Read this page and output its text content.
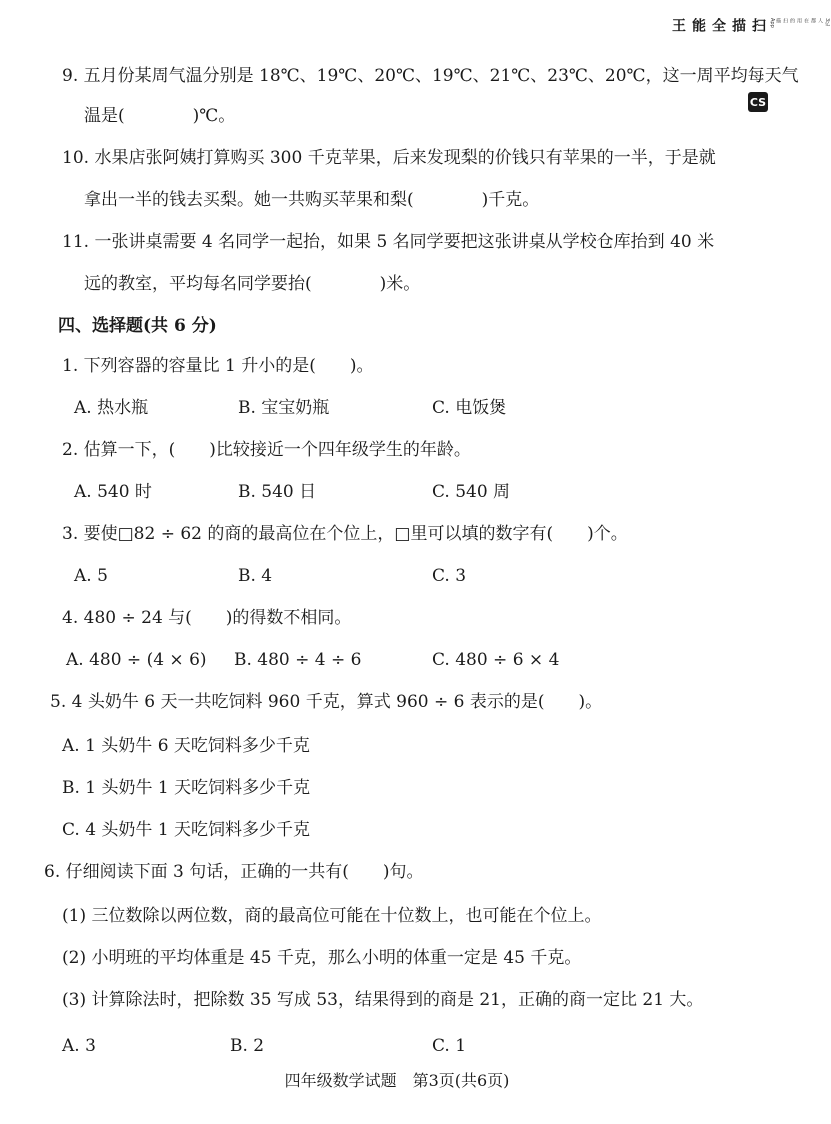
扫描全能王	3亿人都在用的扫描App
CS
9. 五月份某周气温分别是 18℃、19℃、20℃、19℃、21℃、23℃、20℃，这一周平均每天气
温是(　　　　)℃。
10. 水果店张阿姨打算购买 300 千克苹果，后来发现梨的价钱只有苹果的一半，于是就
拿出一半的钱去买梨。她一共购买苹果和梨(　　　　)千克。
11. 一张讲桌需要 4 名同学一起抬，如果 5 名同学要把这张讲桌从学校仓库抬到 40 米
远的教室，平均每名同学要抬(　　　　)米。
四、选择题(共 6 分)
1. 下列容器的容量比 1 升小的是(　　)。
A. 热水瓶	B. 宝宝奶瓶	C. 电饭煲
2. 估算一下，(　　)比较接近一个四年级学生的年龄。
A. 540 时	B. 540 日	C. 540 周
3. 要使□82 ÷ 62 的商的最高位在个位上，□里可以填的数字有(　　)个。
A. 5	B. 4	C. 3
4. 480 ÷ 24 与(　　)的得数不相同。
A. 480 ÷ (4 × 6) B. 480 ÷ 4 ÷ 6	C. 480 ÷ 6 × 4
5. 4 头奶牛 6 天一共吃饲料 960 千克，算式 960 ÷ 6 表示的是(　　)。
A. 1 头奶牛 6 天吃饲料多少千克
B. 1 头奶牛 1 天吃饲料多少千克
C. 4 头奶牛 1 天吃饲料多少千克
6. 仔细阅读下面 3 句话，正确的一共有(　　)句。
(1) 三位数除以两位数，商的最高位可能在十位数上，也可能在个位上。
(2) 小明班的平均体重是 45 千克，那么小明的体重一定是 45 千克。
(3) 计算除法时，把除数 35 写成 53，结果得到的商是 21，正确的商一定比 21 大。
A. 3	B. 2	C. 1
四年级数学试题　第3页(共6页)
